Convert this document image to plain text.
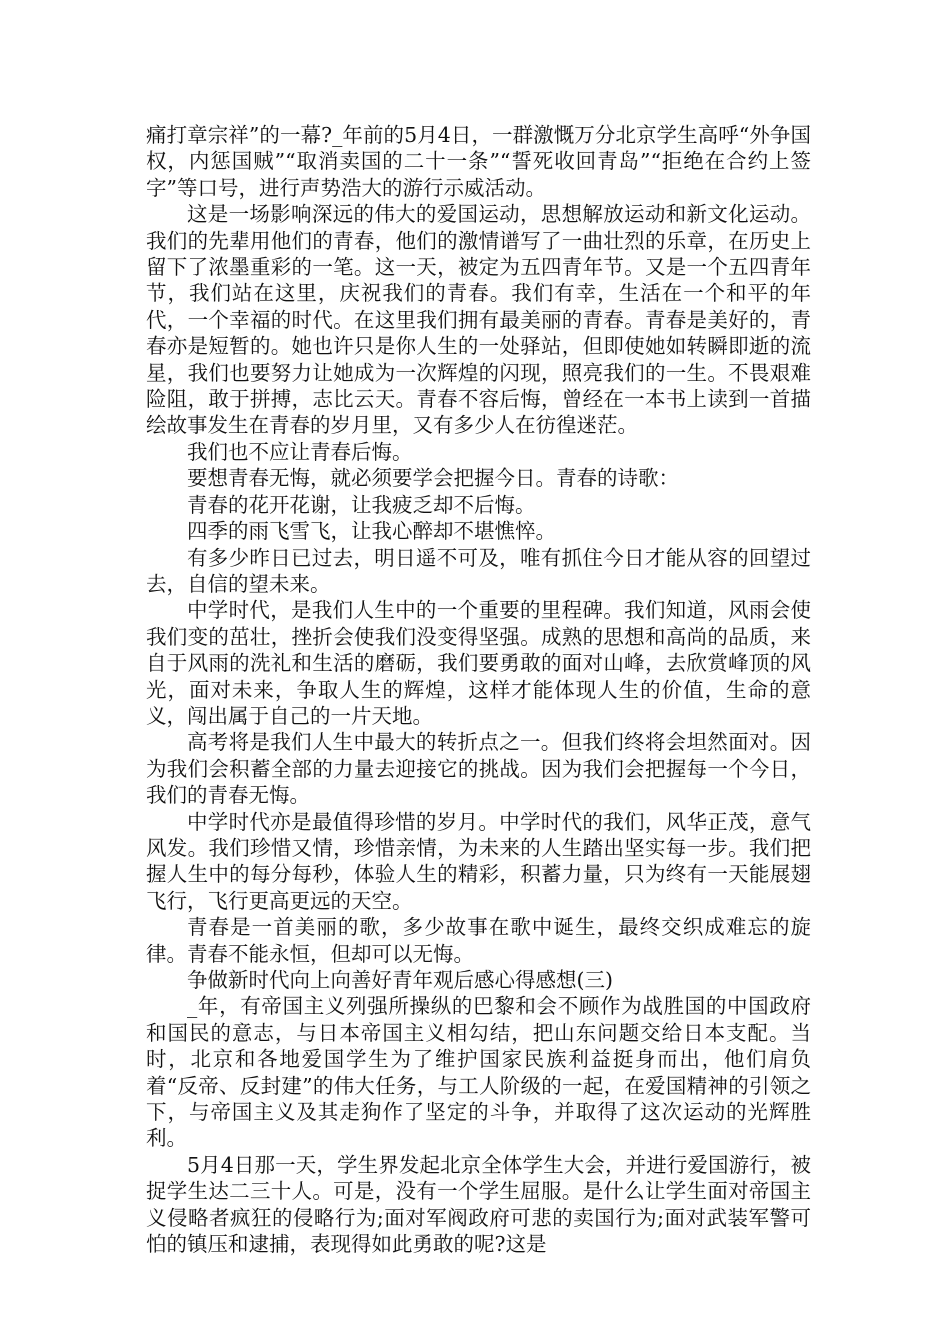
痛打章宗祥”的一幕?_年前的5月4日，一群激慨万分北京学生高呼“外争国权，内惩国贼”“取消卖国的二十一条”“誓死收回青岛”“拒绝在合约上签字”等口号，进行声势浩大的游行示威活动。

这是一场影响深远的伟大的爱国运动，思想解放运动和新文化运动。我们的先辈用他们的青春，他们的激情谱写了一曲壮烈的乐章，在历史上留下了浓墨重彩的一笔。这一天，被定为五四青年节。又是一个五四青年节，我们站在这里，庆祝我们的青春。我们有幸，生活在一个和平的年代，一个幸福的时代。在这里我们拥有最美丽的青春。青春是美好的，青春亦是短暂的。她也许只是你人生的一处驿站，但即使她如转瞬即逝的流星，我们也要努力让她成为一次辉煌的闪现，照亮我们的一生。不畏艰难险阻，敢于拼搏，志比云天。青春不容后悔，曾经在一本书上读到一首描绘故事发生在青春的岁月里，又有多少人在彷徨迷茫。

我们也不应让青春后悔。

要想青春无悔，就必须要学会把握今日。青春的诗歌：

青春的花开花谢，让我疲乏却不后悔。

四季的雨飞雪飞，让我心醉却不堪憔悴。

有多少昨日已过去，明日遥不可及，唯有抓住今日才能从容的回望过去，自信的望未来。

中学时代，是我们人生中的一个重要的里程碑。我们知道，风雨会使我们变的茁壮，挫折会使我们没变得坚强。成熟的思想和高尚的品质，来自于风雨的洗礼和生活的磨砺，我们要勇敢的面对山峰，去欣赏峰顶的风光，面对未来，争取人生的辉煌，这样才能体现人生的价值，生命的意义，闯出属于自己的一片天地。

高考将是我们人生中最大的转折点之一。但我们终将会坦然面对。因为我们会积蓄全部的力量去迎接它的挑战。因为我们会把握每一个今日，我们的青春无悔。

中学时代亦是最值得珍惜的岁月。中学时代的我们，风华正茂，意气风发。我们珍惜又情，珍惜亲情，为未来的人生踏出坚实每一步。我们把握人生中的每分每秒，体验人生的精彩，积蓄力量，只为终有一天能展翅飞行，飞行更高更远的天空。

青春是一首美丽的歌，多少故事在歌中诞生，最终交织成难忘的旋律。青春不能永恒，但却可以无悔。

争做新时代向上向善好青年观后感心得感想(三)

_年，有帝国主义列强所操纵的巴黎和会不顾作为战胜国的中国政府和国民的意志，与日本帝国主义相勾结，把山东问题交给日本支配。当时，北京和各地爱国学生为了维护国家民族利益挺身而出，他们肩负着“反帝、反封建”的伟大任务，与工人阶级的一起，在爱国精神的引领之下，与帝国主义及其走狗作了坚定的斗争，并取得了这次运动的光辉胜利。

5月4日那一天，学生界发起北京全体学生大会，并进行爱国游行，被捉学生达二三十人。可是，没有一个学生屈服。是什么让学生面对帝国主义侵略者疯狂的侵略行为;面对军阀政府可悲的卖国行为;面对武装军警可怕的镇压和逮捕，表现得如此勇敢的呢?这是
